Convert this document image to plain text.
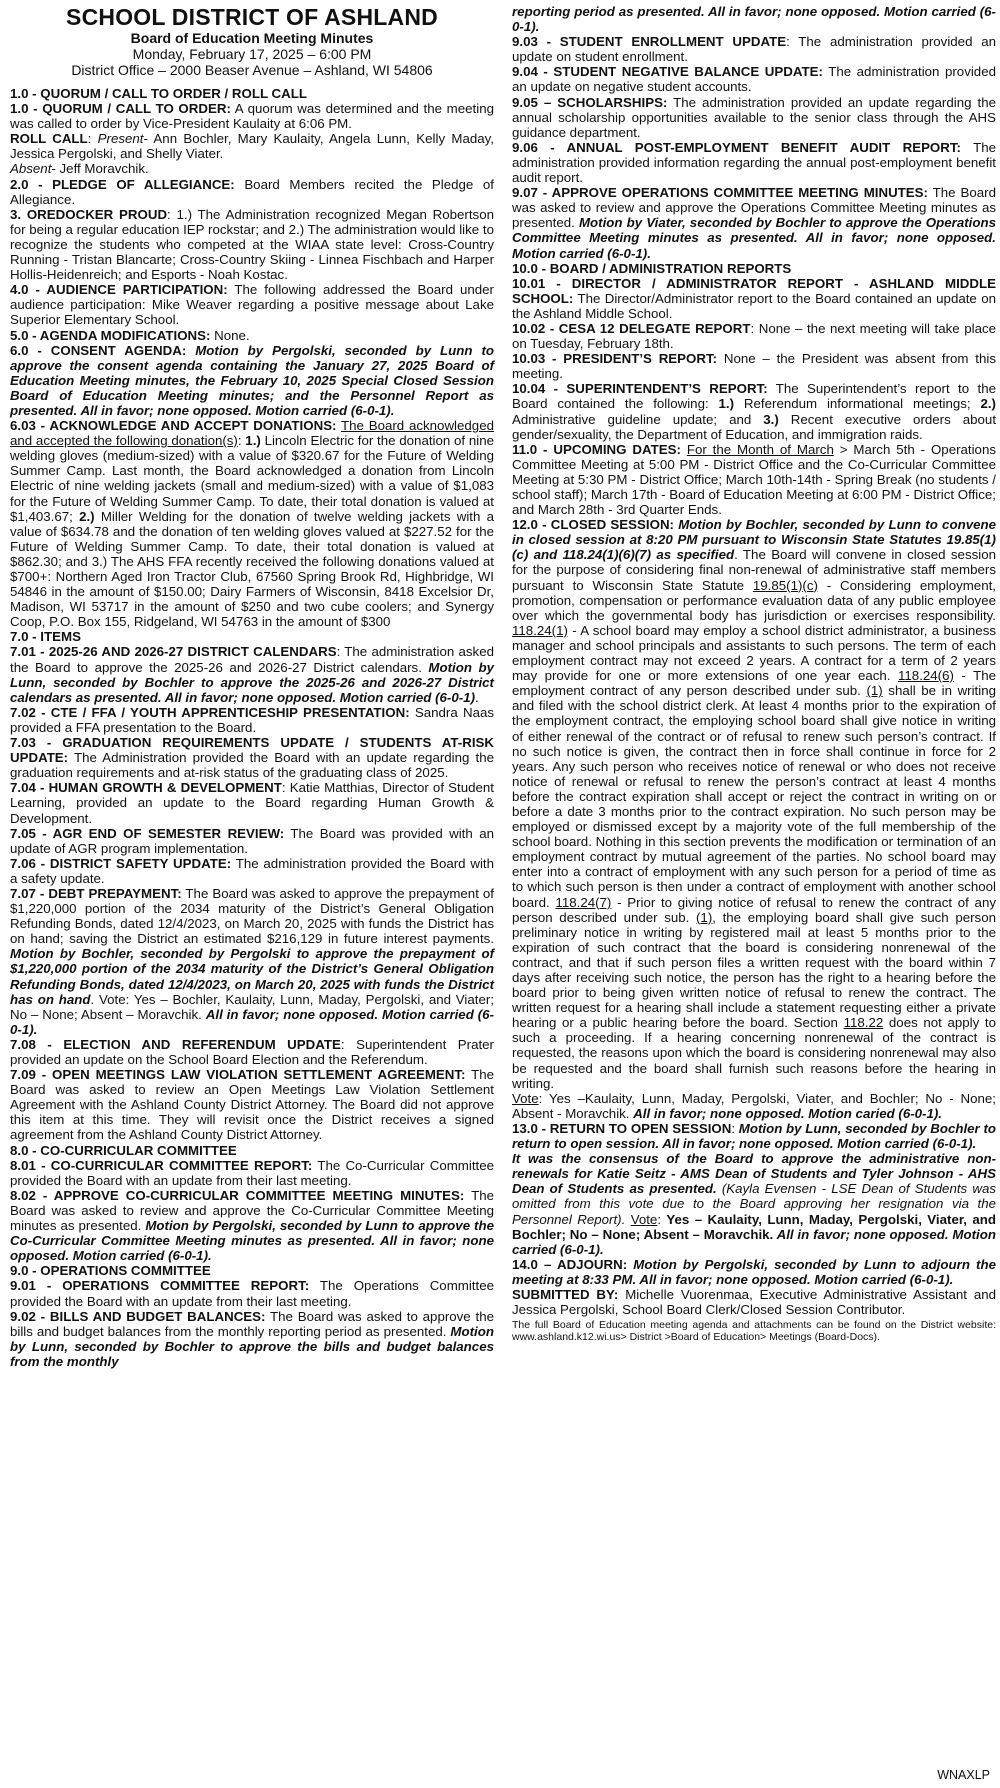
SCHOOL DISTRICT OF ASHLAND
Board of Education Meeting Minutes
Monday, February 17, 2025 – 6:00 PM
District Office – 2000 Beaser Avenue – Ashland, WI 54806

1.0 - QUORUM / CALL TO ORDER / ROLL CALL

1.0 - QUORUM / CALL TO ORDER: A quorum was determined and the meeting was called to order by Vice-President Kaulaity at 6:06 PM.

ROLL CALL: Present- Ann Bochler, Mary Kaulaity, Angela Lunn, Kelly Maday, Jessica Pergolski, and Shelly Viater.

Absent- Jeff Moravchik.

2.0 - PLEDGE OF ALLEGIANCE: Board Members recited the Pledge of Allegiance.

3. OREDOCKER PROUD: 1.) The Administration recognized Megan Robertson for being a regular education IEP rockstar; and 2.) The administration would like to recognize the students who competed at the WIAA state level: Cross-Country Running - Tristan Blancarte; Cross-Country Skiing - Linnea Fischbach and Harper Hollis-Heidenreich; and Esports - Noah Kostac.

4.0 - AUDIENCE PARTICIPATION: The following addressed the Board under audience participation: Mike Weaver regarding a positive message about Lake Superior Elementary School.

5.0 - AGENDA MODIFICATIONS: None.

6.0 - CONSENT AGENDA: Motion by Pergolski, seconded by Lunn to approve the consent agenda containing the January 27, 2025 Board of Education Meeting minutes, the February 10, 2025 Special Closed Session Board of Education Meeting minutes; and the Personnel Report as presented. All in favor; none opposed. Motion carried (6-0-1).

6.03 - ACKNOWLEDGE AND ACCEPT DONATIONS: The Board acknowledged and accepted the following donation(s): 1.) Lincoln Electric for the donation of nine welding gloves (medium-sized) with a value of $320.67 for the Future of Welding Summer Camp. Last month, the Board acknowledged a donation from Lincoln Electric of nine welding jackets (small and medium-sized) with a value of $1,083 for the Future of Welding Summer Camp. To date, their total donation is valued at $1,403.67; 2.) Miller Welding for the donation of twelve welding jackets with a value of $634.78 and the donation of ten welding gloves valued at $227.52 for the Future of Welding Summer Camp. To date, their total donation is valued at $862.30; and 3.) The AHS FFA recently received the following donations valued at $700+: Northern Aged Iron Tractor Club, 67560 Spring Brook Rd, Highbridge, WI 54846 in the amount of $150.00; Dairy Farmers of Wisconsin, 8418 Excelsior Dr, Madison, WI 53717 in the amount of $250 and two cube coolers; and Synergy Coop, P.O. Box 155, Ridgeland, WI 54763 in the amount of $300

7.0 - ITEMS

7.01 - 2025-26 AND 2026-27 DISTRICT CALENDARS: The administration asked the Board to approve the 2025-26 and 2026-27 District calendars. Motion by Lunn, seconded by Bochler to approve the 2025-26 and 2026-27 District calendars as presented. All in favor; none opposed. Motion carried (6-0-1).

7.02 - CTE / FFA / YOUTH APPRENTICESHIP PRESENTATION: Sandra Naas provided a FFA presentation to the Board.

7.03 - GRADUATION REQUIREMENTS UPDATE / STUDENTS AT-RISK UPDATE: The Administration provided the Board with an update regarding the graduation requirements and at-risk status of the graduating class of 2025.

7.04 - HUMAN GROWTH & DEVELOPMENT: Katie Matthias, Director of Student Learning, provided an update to the Board regarding Human Growth & Development.

7.05 - AGR END OF SEMESTER REVIEW: The Board was provided with an update of AGR program implementation.

7.06 - DISTRICT SAFETY UPDATE: The administration provided the Board with a safety update.

7.07 - DEBT PREPAYMENT: The Board was asked to approve the prepayment of $1,220,000 portion of the 2034 maturity of the District’s General Obligation Refunding Bonds, dated 12/4/2023, on March 20, 2025 with funds the District has on hand; saving the District an estimated $216,129 in future interest payments. Motion by Bochler, seconded by Pergolski to approve the prepayment of $1,220,000 portion of the 2034 maturity of the District’s General Obligation Refunding Bonds, dated 12/4/2023, on March 20, 2025 with funds the District has on hand. Vote: Yes – Bochler, Kaulaity, Lunn, Maday, Pergolski, and Viater; No – None; Absent – Moravchik. All in favor; none opposed. Motion carried (6-0-1).

7.08 - ELECTION AND REFERENDUM UPDATE: Superintendent Prater provided an update on the School Board Election and the Referendum.

7.09 - OPEN MEETINGS LAW VIOLATION SETTLEMENT AGREEMENT: The Board was asked to review an Open Meetings Law Violation Settlement Agreement with the Ashland County District Attorney. The Board did not approve this item at this time. They will revisit once the District receives a signed agreement from the Ashland County District Attorney.

8.0 - CO-CURRICULAR COMMITTEE

8.01 - CO-CURRICULAR COMMITTEE REPORT: The Co-Curricular Committee provided the Board with an update from their last meeting.

8.02 - APPROVE CO-CURRICULAR COMMITTEE MEETING MINUTES: The Board was asked to review and approve the Co-Curricular Committee Meeting minutes as presented. Motion by Pergolski, seconded by Lunn to approve the Co-Curricular Committee Meeting minutes as presented. All in favor; none opposed. Motion carried (6-0-1).

9.0 - OPERATIONS COMMITTEE

9.01 - OPERATIONS COMMITTEE REPORT: The Operations Committee provided the Board with an update from their last meeting.

9.02 - BILLS AND BUDGET BALANCES: The Board was asked to approve the bills and budget balances from the monthly reporting period as presented. Motion by Lunn, seconded by Bochler to approve the bills and budget balances from the monthly

reporting period as presented. All in favor; none opposed. Motion carried (6-0-1).

9.03 - STUDENT ENROLLMENT UPDATE: The administration provided an update on student enrollment.

9.04 - STUDENT NEGATIVE BALANCE UPDATE: The administration provided an update on negative student accounts.

9.05 – SCHOLARSHIPS: The administration provided an update regarding the annual scholarship opportunities available to the senior class through the AHS guidance department.

9.06 - ANNUAL POST-EMPLOYMENT BENEFIT AUDIT REPORT: The administration provided information regarding the annual post-employment benefit audit report.

9.07 - APPROVE OPERATIONS COMMITTEE MEETING MINUTES: The Board was asked to review and approve the Operations Committee Meeting minutes as presented. Motion by Viater, seconded by Bochler to approve the Operations Committee Meeting minutes as presented. All in favor; none opposed. Motion carried (6-0-1).

10.0 - BOARD / ADMINISTRATION REPORTS

10.01 - DIRECTOR / ADMINISTRATOR REPORT - ASHLAND MIDDLE SCHOOL: The Director/Administrator report to the Board contained an update on the Ashland Middle School.

10.02 - CESA 12 DELEGATE REPORT: None – the next meeting will take place on Tuesday, February 18th.

10.03 - PRESIDENT’S REPORT: None – the President was absent from this meeting.

10.04 - SUPERINTENDENT’S REPORT: The Superintendent’s report to the Board contained the following: 1.) Referendum informational meetings; 2.) Administrative guideline update; and 3.) Recent executive orders about gender/sexuality, the Department of Education, and immigration raids.

11.0 - UPCOMING DATES: For the Month of March > March 5th - Operations Committee Meeting at 5:00 PM - District Office and the Co-Curricular Committee Meeting at 5:30 PM - District Office; March 10th-14th - Spring Break (no students / school staff); March 17th - Board of Education Meeting at 6:00 PM - District Office; and March 28th - 3rd Quarter Ends.

12.0 - CLOSED SESSION: Motion by Bochler, seconded by Lunn to convene in closed session at 8:20 PM pursuant to Wisconsin State Statutes 19.85(1)(c) and 118.24(1)(6)(7) as specified. The Board will convene in closed session for the purpose of considering final non-renewal of administrative staff members pursuant to Wisconsin State Statute 19.85(1)(c) - Considering employment, promotion, compensation or performance evaluation data of any public employee over which the governmental body has jurisdiction or exercises responsibility. 118.24(1) - A school board may employ a school district administrator, a business manager and school principals and assistants to such persons. The term of each employment contract may not exceed 2 years. A contract for a term of 2 years may provide for one or more extensions of one year each. 118.24(6) - The employment contract of any person described under sub. (1) shall be in writing and filed with the school district clerk. At least 4 months prior to the expiration of the employment contract, the employing school board shall give notice in writing of either renewal of the contract or of refusal to renew such person’s contract. If no such notice is given, the contract then in force shall continue in force for 2 years. Any such person who receives notice of renewal or who does not receive notice of renewal or refusal to renew the person’s contract at least 4 months before the contract expiration shall accept or reject the contract in writing on or before a date 3 months prior to the contract expiration. No such person may be employed or dismissed except by a majority vote of the full membership of the school board. Nothing in this section prevents the modification or termination of an employment contract by mutual agreement of the parties. No school board may enter into a contract of employment with any such person for a period of time as to which such person is then under a contract of employment with another school board. 118.24(7) - Prior to giving notice of refusal to renew the contract of any person described under sub. (1), the employing board shall give such person preliminary notice in writing by registered mail at least 5 months prior to the expiration of such contract that the board is considering nonrenewal of the contract, and that if such person files a written request with the board within 7 days after receiving such notice, the person has the right to a hearing before the board prior to being given written notice of refusal to renew the contract. The written request for a hearing shall include a statement requesting either a private hearing or a public hearing before the board. Section 118.22 does not apply to such a proceeding. If a hearing concerning nonrenewal of the contract is requested, the reasons upon which the board is considering nonrenewal may also be requested and the board shall furnish such reasons before the hearing in writing.

Vote: Yes –Kaulaity, Lunn, Maday, Pergolski, Viater, and Bochler; No - None; Absent - Moravchik. All in favor; none opposed. Motion caried (6-0-1).

13.0 - RETURN TO OPEN SESSION: Motion by Lunn, seconded by Bochler to return to open session. All in favor; none opposed. Motion carried (6-0-1).

It was the consensus of the Board to approve the administrative non-renewals for Katie Seitz - AMS Dean of Students and Tyler Johnson - AHS Dean of Students as presented. (Kayla Evensen - LSE Dean of Students was omitted from this vote due to the Board approving her resignation via the Personnel Report). Vote: Yes – Kaulaity, Lunn, Maday, Pergolski, Viater, and Bochler; No – None; Absent – Moravchik. All in favor; none opposed. Motion carried (6-0-1).

14.0 – ADJOURN: Motion by Pergolski, seconded by Lunn to adjourn the meeting at 8:33 PM. All in favor; none opposed. Motion carried (6-0-1).

SUBMITTED BY: Michelle Vuorenmaa, Executive Administrative Assistant and Jessica Pergolski, School Board Clerk/Closed Session Contributor.

The full Board of Education meeting agenda and attachments can be found on the District website: www.ashland.k12.wi.us> District >Board of Education> Meetings (Board-Docs).

WNAXLP
